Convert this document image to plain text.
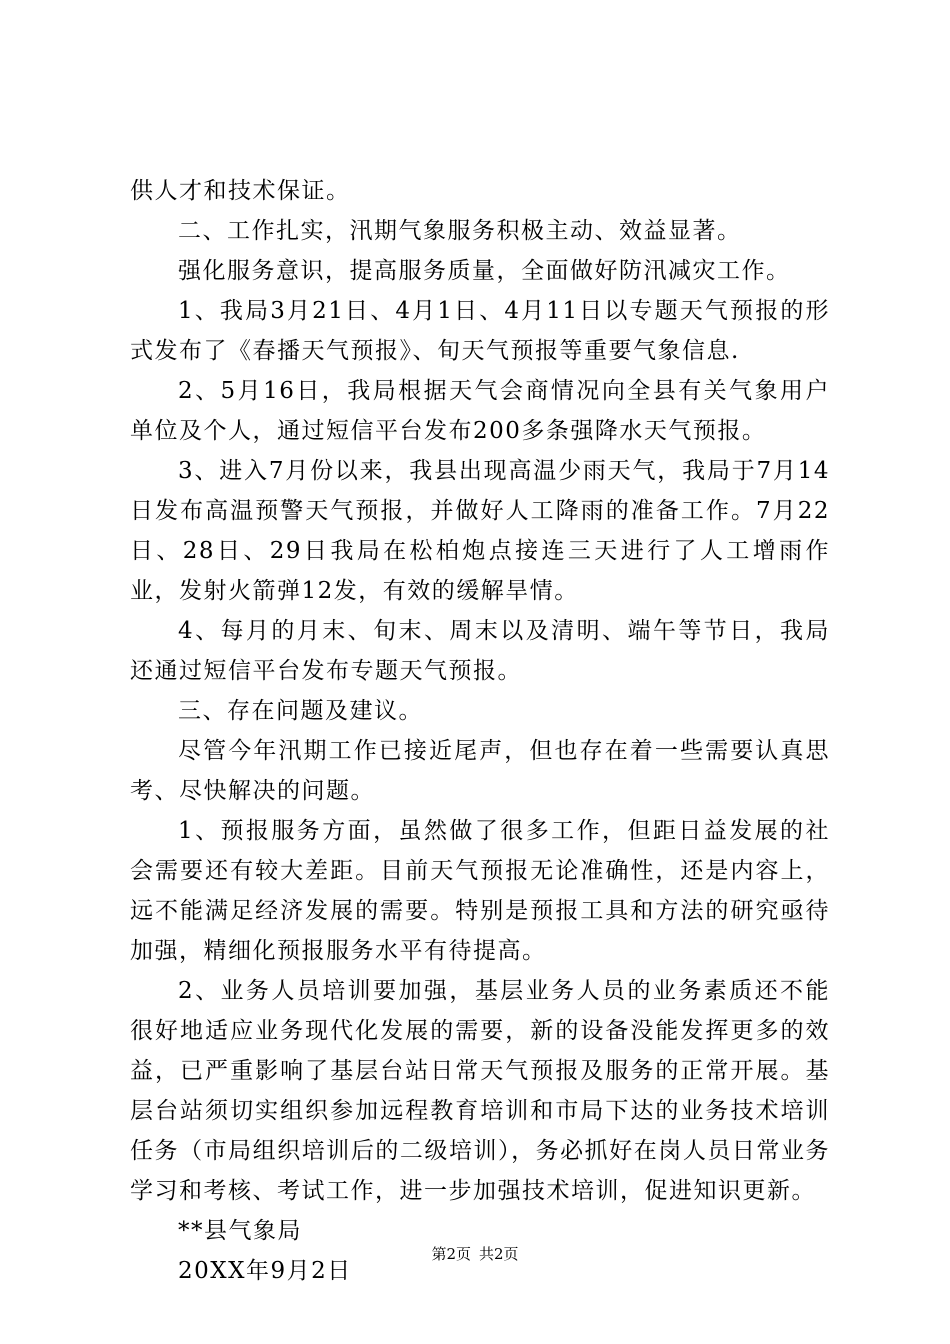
供人才和技术保证。

二、工作扎实，汛期气象服务积极主动、效益显著。

强化服务意识，提高服务质量，全面做好防汛减灾工作。

1、我局3月21日、4月1日、4月11日以专题天气预报的形式发布了《春播天气预报》、旬天气预报等重要气象信息.

2、5月16日，我局根据天气会商情况向全县有关气象用户单位及个人，通过短信平台发布200多条强降水天气预报。

3、进入7月份以来，我县出现高温少雨天气，我局于7月14日发布高温预警天气预报，并做好人工降雨的准备工作。7月22日、28日、29日我局在松柏炮点接连三天进行了人工增雨作业，发射火箭弹12发，有效的缓解旱情。

4、每月的月末、旬末、周末以及清明、端午等节日，我局还通过短信平台发布专题天气预报。

三、存在问题及建议。

尽管今年汛期工作已接近尾声，但也存在着一些需要认真思考、尽快解决的问题。

1、预报服务方面，虽然做了很多工作，但距日益发展的社会需要还有较大差距。目前天气预报无论准确性，还是内容上，远不能满足经济发展的需要。特别是预报工具和方法的研究亟待加强，精细化预报服务水平有待提高。

2、业务人员培训要加强，基层业务人员的业务素质还不能很好地适应业务现代化发展的需要，新的设备没能发挥更多的效益，已严重影响了基层台站日常天气预报及服务的正常开展。基层台站须切实组织参加远程教育培训和市局下达的业务技术培训任务（市局组织培训后的二级培训），务必抓好在岗人员日常业务学习和考核、考试工作，进一步加强技术培训，促进知识更新。

**县气象局

20XX年9月2日

第2页 共2页
